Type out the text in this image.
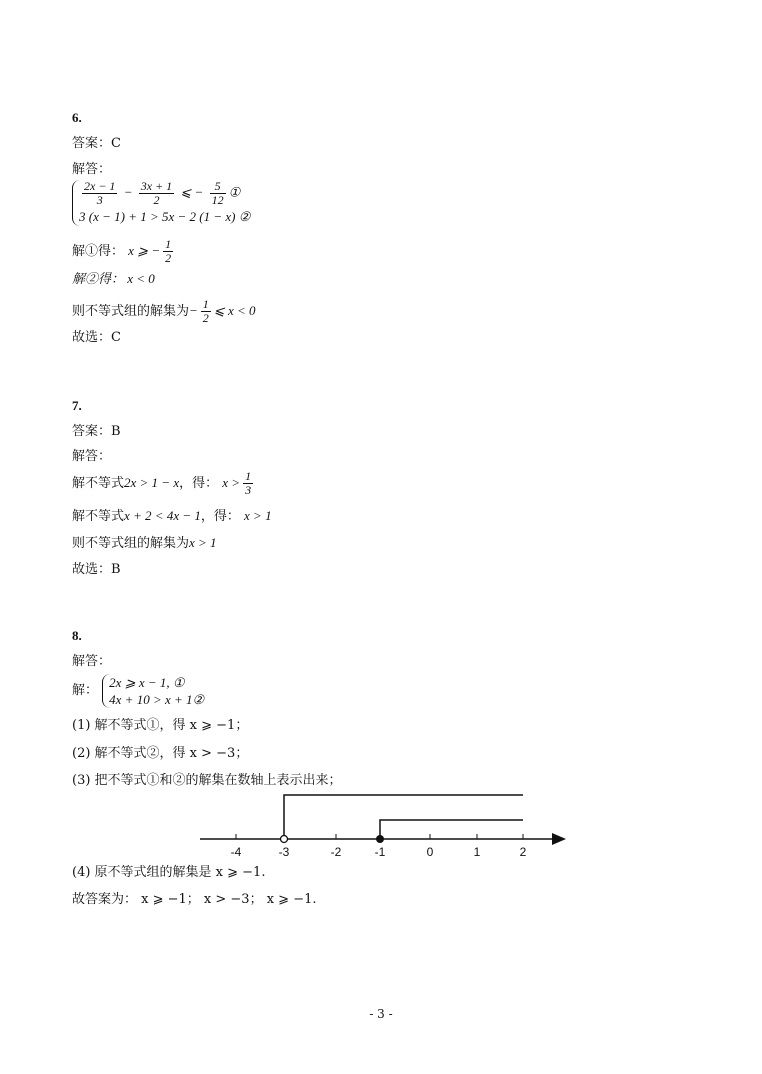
6.
答案：C
解答：
$\frac{2x - 1}{3} - \frac{3x + 1}{2}$ ⩽ − $\frac{5}{12}$ ①
3 (x − 1) + 1 > 5x − 2 (1 − x) ②
解①得： x ⩾ − $\frac{1}{2}$
解②得： x < 0
则不等式组的解集为− $\frac{1}{2}$ ⩽ x < 0
故选：C
7.
答案：B
解答：
解不等式2x > 1 − x，得： $x > \frac{1}{3}$
解不等式x + 2 < 4x − 1，得： x > 1
则不等式组的解集为x > 1
故选：B
8.
解答：
解：
2x ⩾ x − 1, ①
4x + 10 > x + 1②
(1) 解不等式①，得 x ⩾ −1；
(2) 解不等式②，得 x > −3；
(3) 把不等式①和②的解集在数轴上表示出来；
-4	-3	-2	-1	0	1	2
(4) 原不等式组的解集是 x ⩾ −1.
故答案为： x ⩾ −1； x > −3； x ⩾ −1.
- 3 -
